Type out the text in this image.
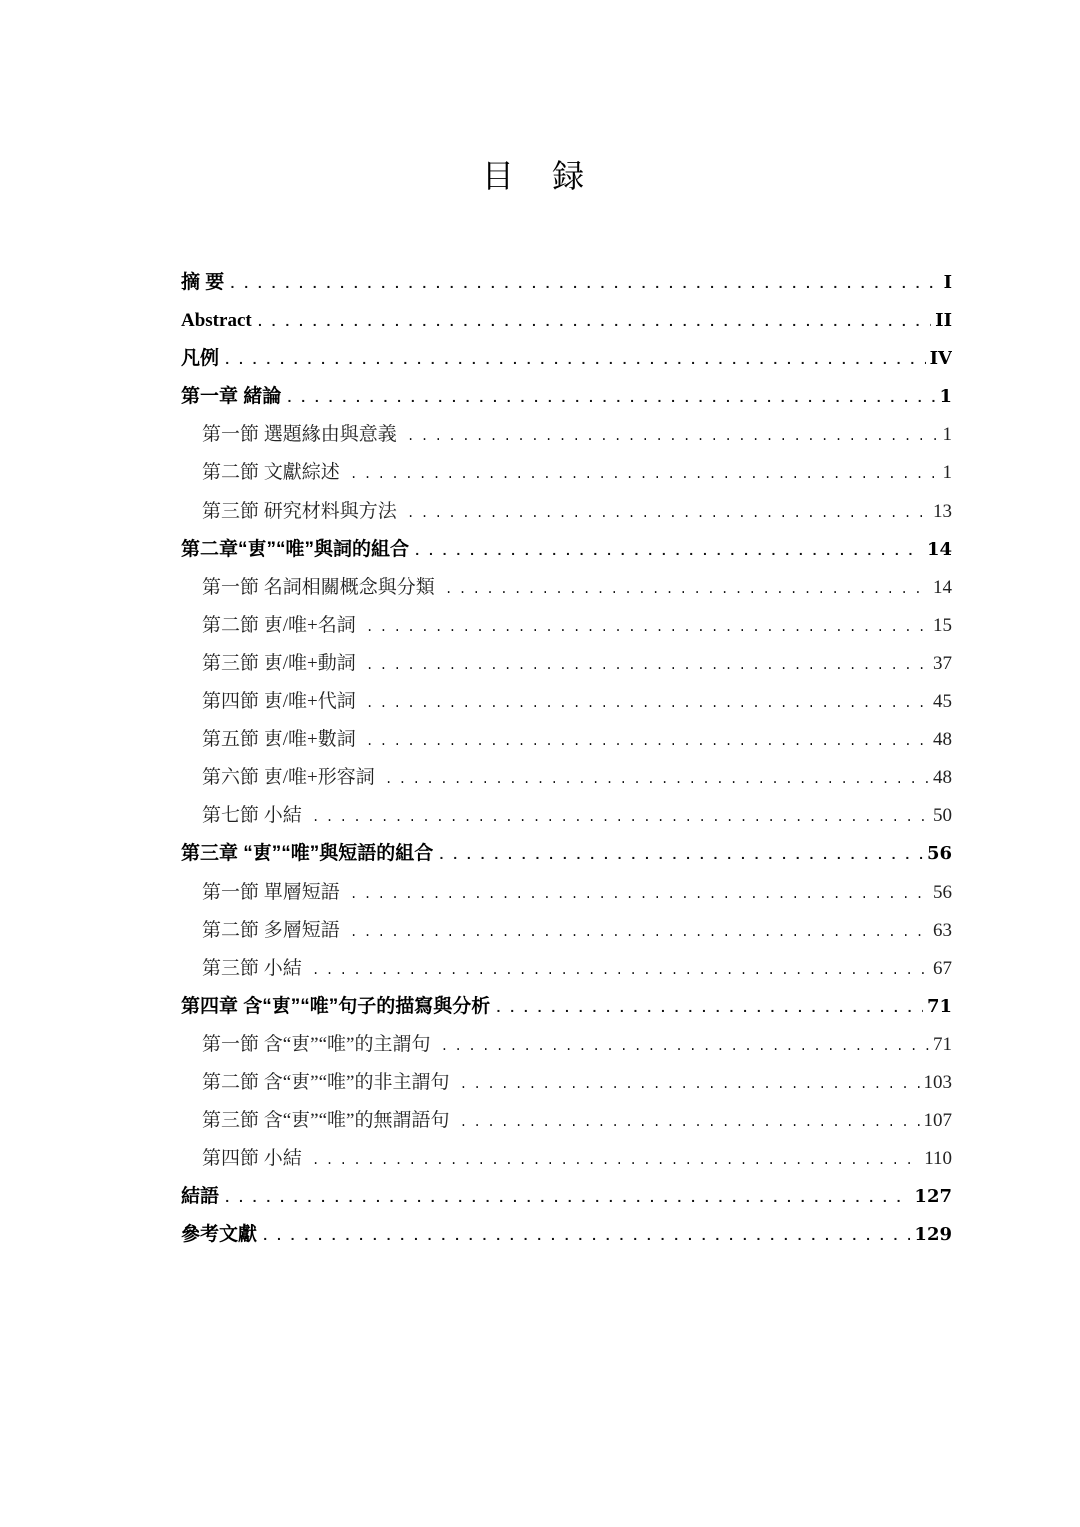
目 録
摘 要 .....	I
Abstract .....	II
凡例 .....	IV
第一章 緒論 .....	1
第一節 選題緣由與意義 .....	1
第二節 文獻綜述 .....	1
第三節 研究材料與方法 .....	13
第二章“叀”“唯”與詞的組合 .....	14
第一節 名詞相關概念與分類 .....	14
第二節 叀/唯+名詞 .....	15
第三節 叀/唯+動詞 .....	37
第四節 叀/唯+代詞 .....	45
第五節 叀/唯+數詞 .....	48
第六節 叀/唯+形容詞 .....	48
第七節 小結 .....	50
第三章 “叀”“唯”與短語的組合 .....	56
第一節 單層短語 .....	56
第二節 多層短語 .....	63
第三節 小結 .....	67
第四章 含“叀”“唯”句子的描寫與分析 .....	71
第一節 含“叀”“唯”的主謂句 .....	71
第二節 含“叀”“唯”的非主謂句 .....	103
第三節 含“叀”“唯”的無謂語句 .....	107
第四節 小結 .....	110
結語 .....	127
參考文獻 .....	129
